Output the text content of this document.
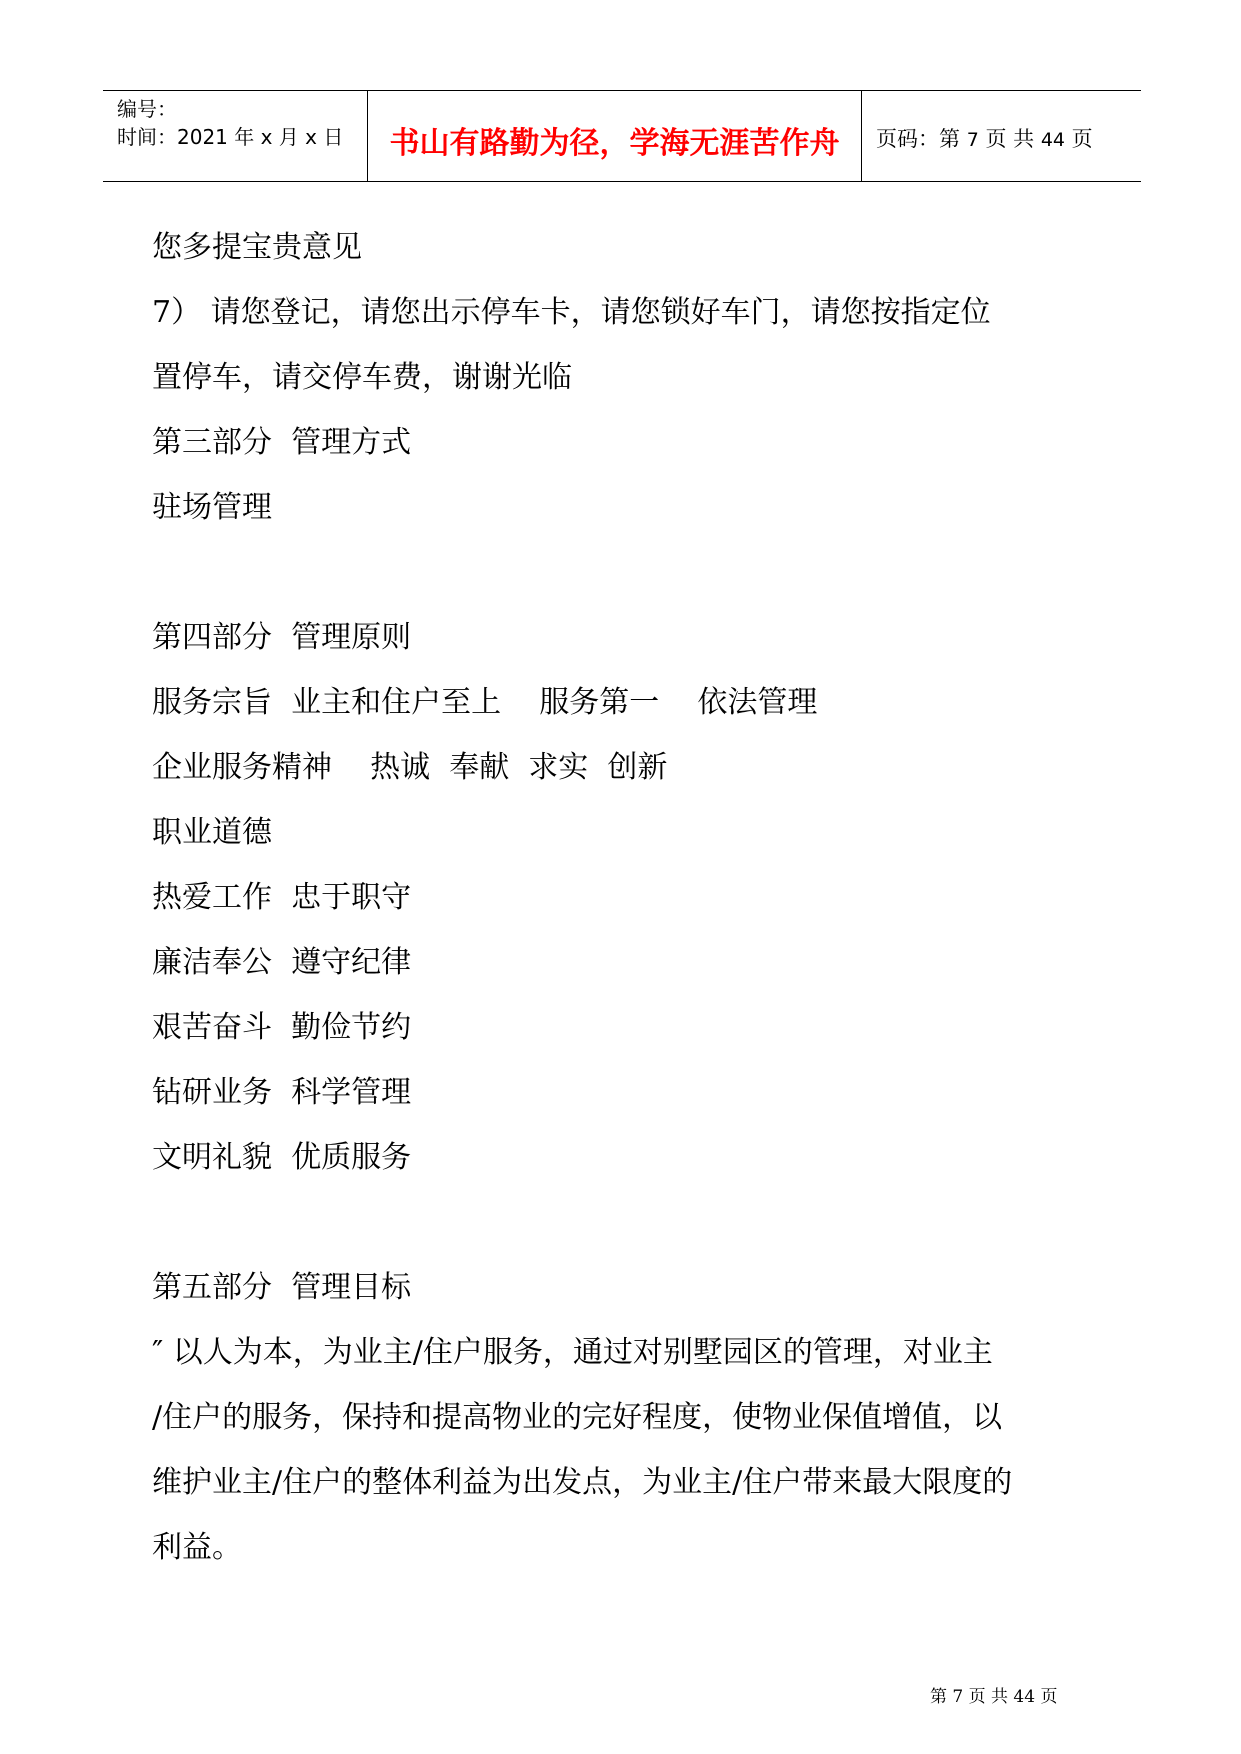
编号：
时间：2021 年 x 月 x 日	书山有路勤为径，学海无涯苦作舟	页码：第 7 页 共 44 页
您多提宝贵意见
7） 请您登记，请您出示停车卡，请您锁好车门，请您按指定位
置停车，请交停车费，谢谢光临
第三部分  管理方式
驻场管理
第四部分  管理原则
服务宗旨  业主和住户至上    服务第一    依法管理
企业服务精神    热诚  奉献  求实  创新
职业道德
热爱工作  忠于职守
廉洁奉公  遵守纪律
艰苦奋斗  勤俭节约
钻研业务  科学管理
文明礼貌  优质服务
第五部分  管理目标
″ 以人为本，为业主/住户服务，通过对别墅园区的管理，对业主
/住户的服务，保持和提高物业的完好程度，使物业保值增值，以
维护业主/住户的整体利益为出发点，为业主/住户带来最大限度的
利益。
第 7 页 共 44 页
